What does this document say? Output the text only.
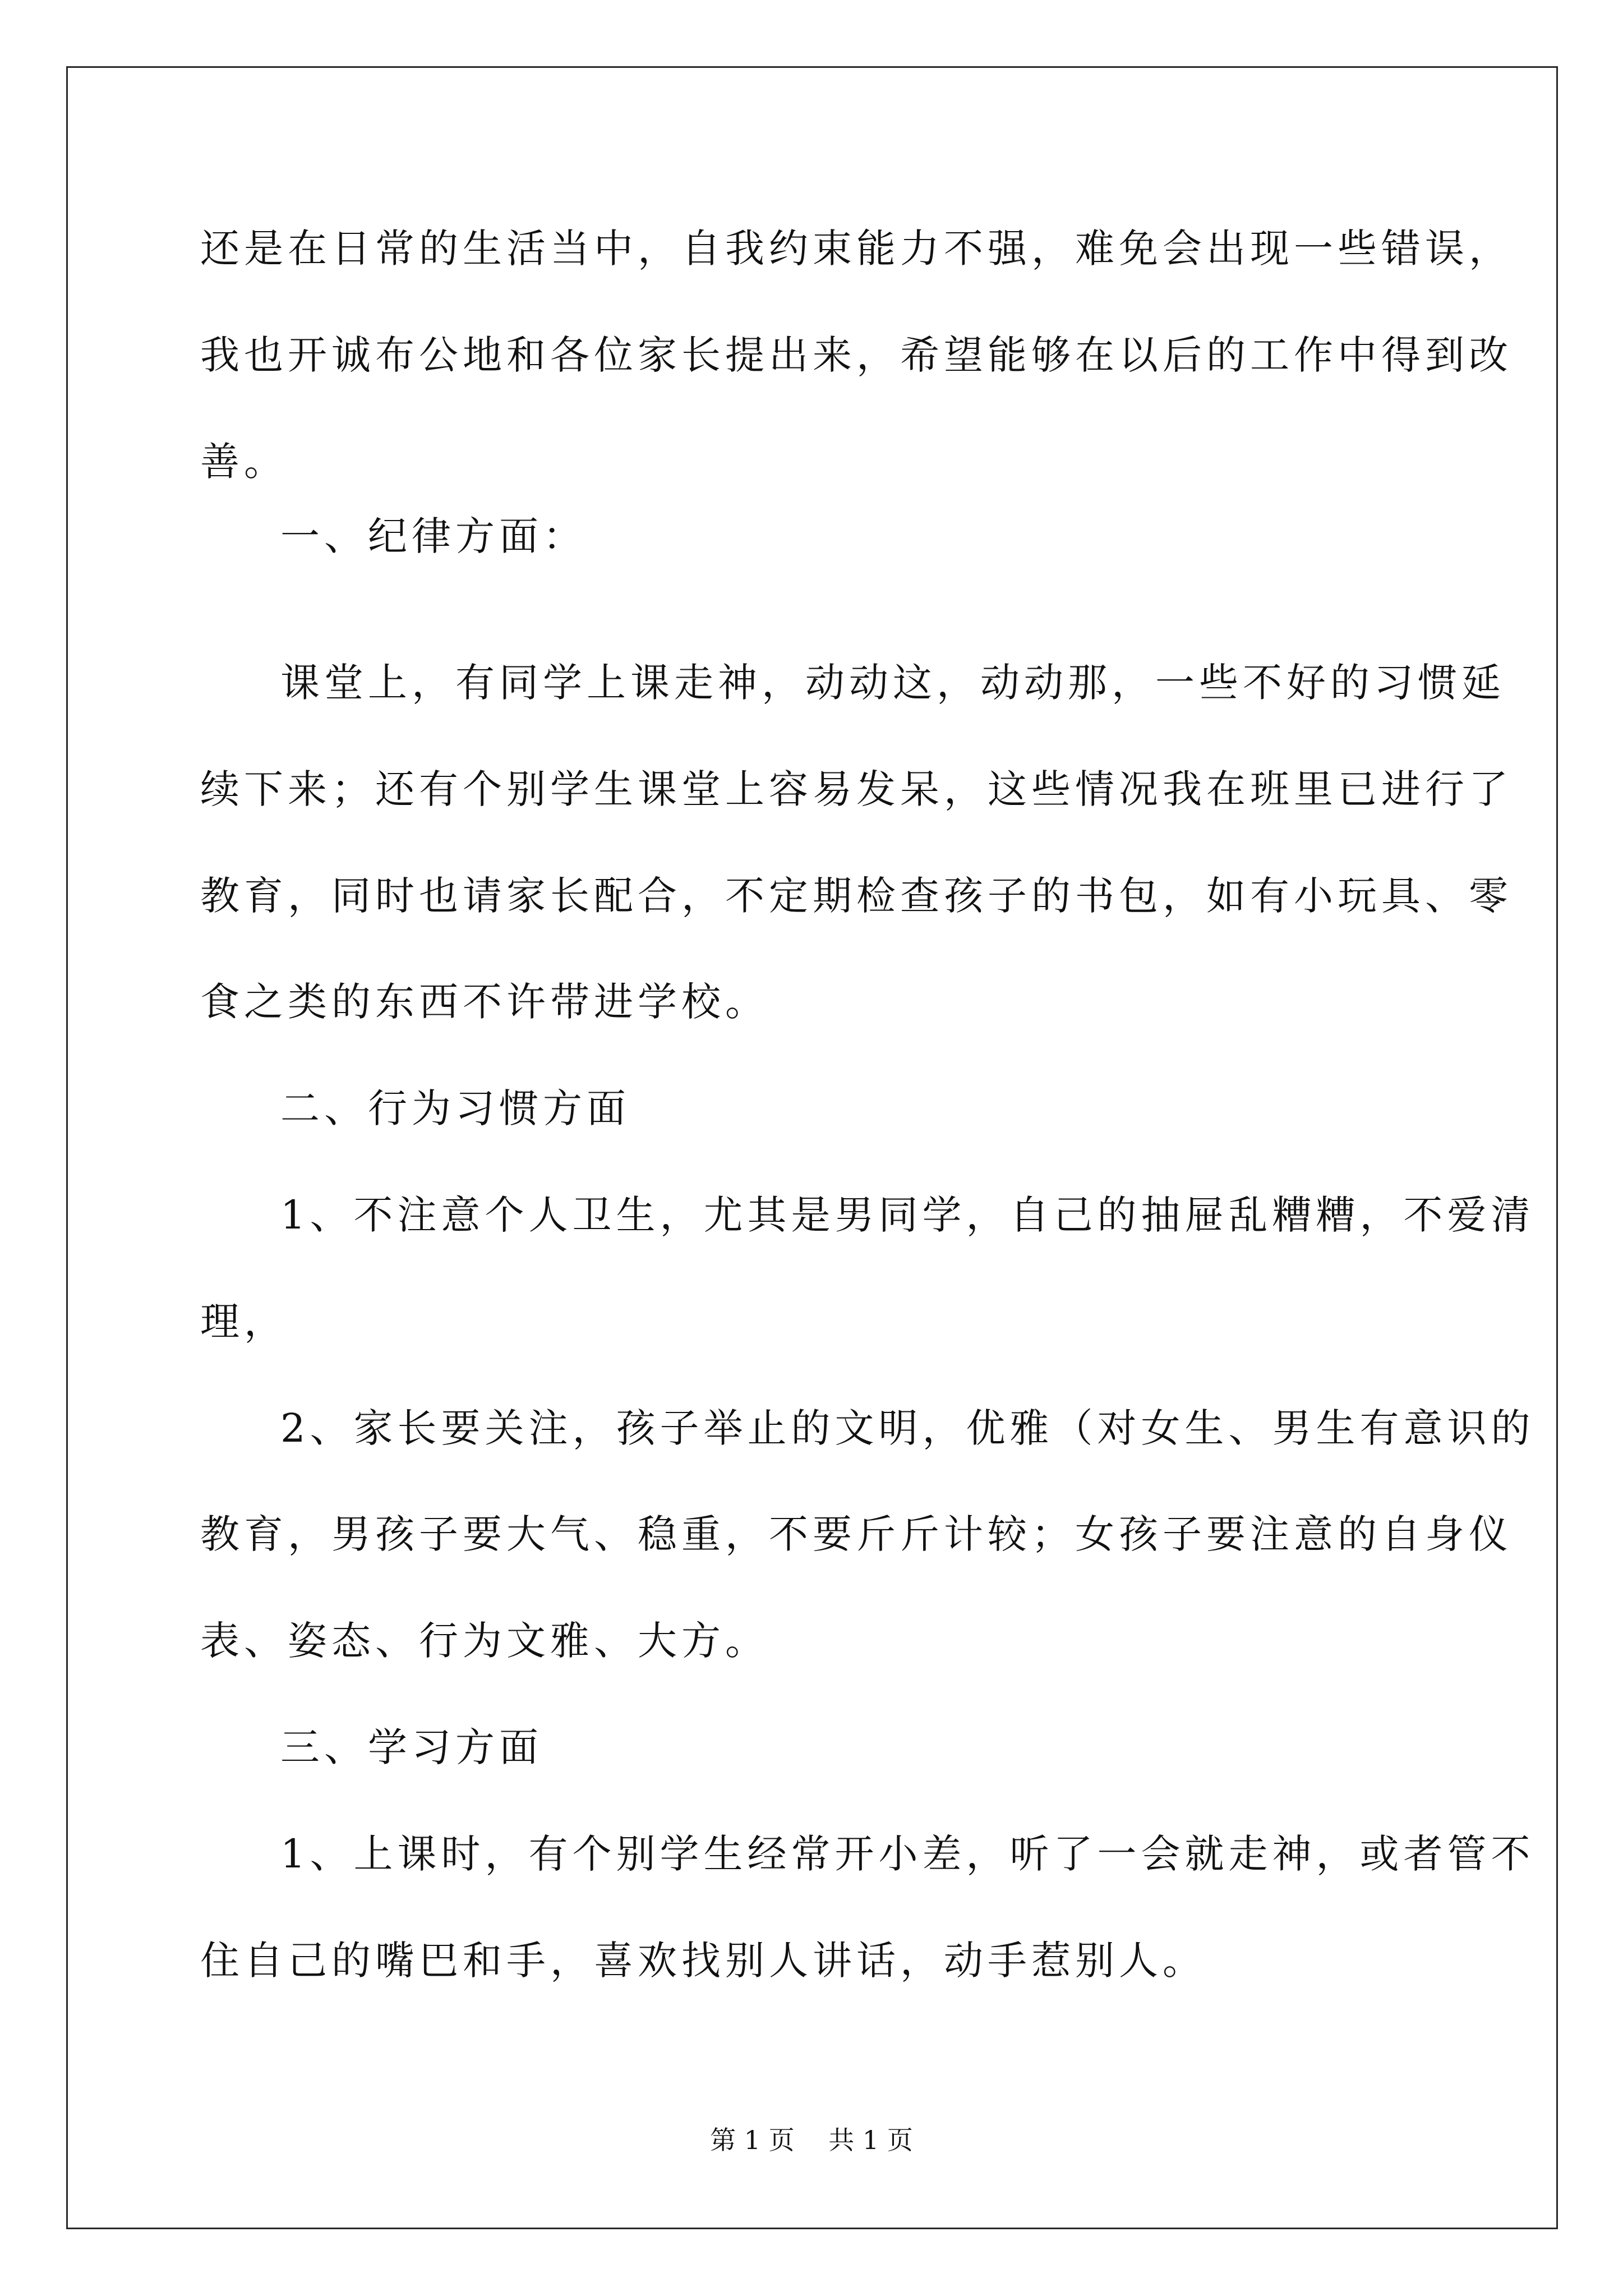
还是在日常的生活当中，自我约束能力不强，难免会出现一些错误，

我也开诚布公地和各位家长提出来，希望能够在以后的工作中得到改

善。

一、纪律方面：

课堂上，有同学上课走神，动动这，动动那，一些不好的习惯延

续下来；还有个别学生课堂上容易发呆，这些情况我在班里已进行了

教育，同时也请家长配合，不定期检查孩子的书包，如有小玩具、零

食之类的东西不许带进学校。

二、行为习惯方面

1、不注意个人卫生，尤其是男同学，自己的抽屉乱糟糟，不爱清

理，

2、家长要关注，孩子举止的文明，优雅（对女生、男生有意识的

教育，男孩子要大气、稳重，不要斤斤计较；女孩子要注意的自身仪

表、姿态、行为文雅、大方。

三、学习方面

1、上课时，有个别学生经常开小差，听了一会就走神，或者管不

住自己的嘴巴和手，喜欢找别人讲话，动手惹别人。

第 1 页　 共 1 页
